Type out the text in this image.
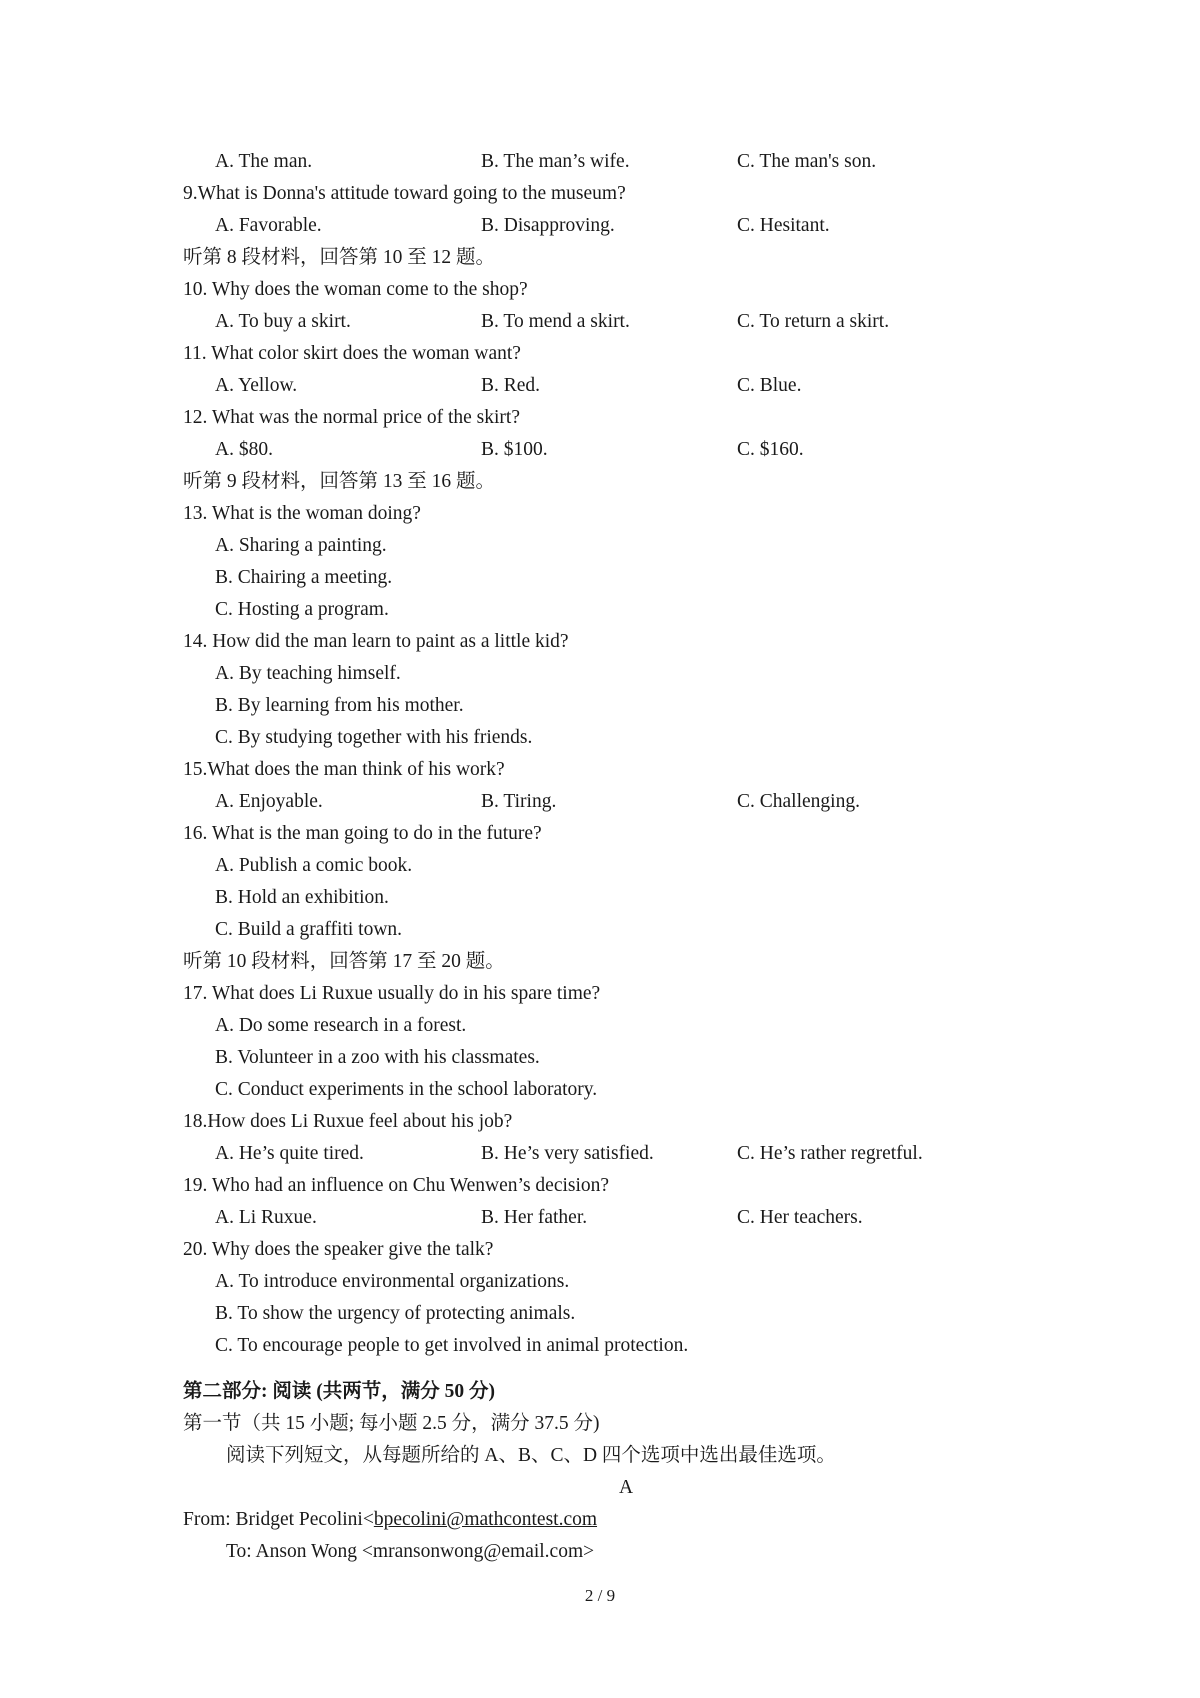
A. The man.	B. The man’s wife.	C. The man's son.
9.What is Donna's attitude toward going to the museum?
A. Favorable.	B. Disapproving.	C. Hesitant.
听第 8 段材料，回答第 10 至 12 题。
10. Why does the woman come to the shop?
A. To buy a skirt.	B. To mend a skirt.	C. To return a skirt.
11. What color skirt does the woman want?
A. Yellow.	B. Red.	C. Blue.
12. What was the normal price of the skirt?
A. $80.	B. $100.	C. $160.
听第 9 段材料，回答第 13 至 16 题。
13. What is the woman doing?
A. Sharing a painting.
B. Chairing a meeting.
C. Hosting a program.
14. How did the man learn to paint as a little kid?
A. By teaching himself.
B. By learning from his mother.
C. By studying together with his friends.
15.What does the man think of his work?
A. Enjoyable.	B. Tiring.	C. Challenging.
16. What is the man going to do in the future?
A. Publish a comic book.
B. Hold an exhibition.
C. Build a graffiti town.
听第 10 段材料，回答第 17 至 20 题。
17. What does Li Ruxue usually do in his spare time?
A. Do some research in a forest.
B. Volunteer in a zoo with his classmates.
C. Conduct experiments in the school laboratory.
18.How does Li Ruxue feel about his job?
A. He’s quite tired.	B. He’s very satisfied.	C. He’s rather regretful.
19. Who had an influence on Chu Wenwen’s decision?
A. Li Ruxue.	B. Her father.	C. Her teachers.
20. Why does the speaker give the talk?
A. To introduce environmental organizations.
B. To show the urgency of protecting animals.
C. To encourage people to get involved in animal protection.
第二部分: 阅读 (共两节，满分 50 分)
第一节（共 15 小题; 每小题 2.5 分，满分 37.5 分)
阅读下列短文，从每题所给的 A、B、C、D 四个选项中选出最佳选项。
A
From: Bridget Pecolini<bpecolini@mathcontest.com
To: Anson Wong <mransonwong@email.com>
2 / 9
